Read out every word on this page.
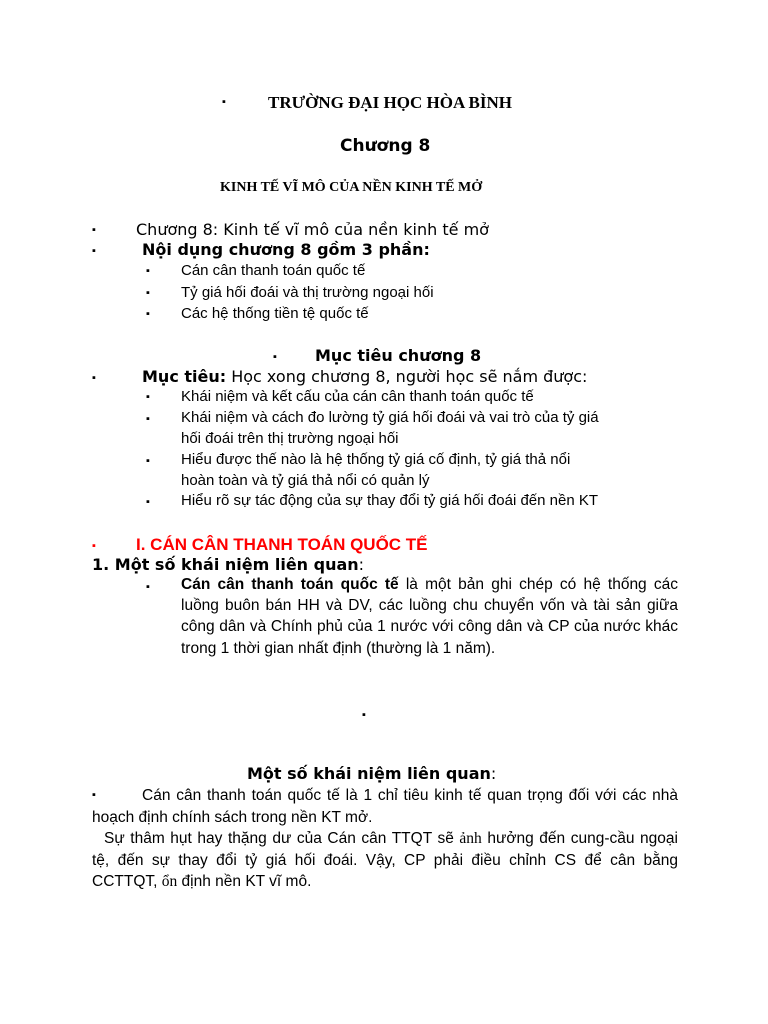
▪ TRƯỜNG ĐẠI HỌC HÒA BÌNH
Chương 8
KINH TẾ VĨ MÔ CỦA NỀN KINH TẾ MỞ
▪	Chương 8: Kinh tế vĩ mô của nền kinh tế mở
▪	Nội dụng chương 8 gồm 3 phần:
▪ Cán cân thanh toán quốc tế
▪ Tỷ giá hối đoái và thị trường ngoại hối
▪ Các hệ thống tiền tệ quốc tế
▪ Mục tiêu chương 8
▪	Mục tiêu: Học xong chương 8, người học sẽ nắm được:
▪ Khái niệm và kết cấu của cán cân thanh toán quốc tế
▪ Khái niệm và cách đo lường tỷ giá hối đoái và vai trò của tỷ giá
hối đoái trên thị trường ngoại hối
▪ Hiểu được thế nào là hệ thống tỷ giá cố định, tỷ giá thả nổi
hoàn toàn và tỷ giá thả nổi có quản lý
▪ Hiểu rõ sự tác động của sự thay đổi tỷ giá hối đoái đến nền KT
▪ I. CÁN CÂN THANH TOÁN QUỐC TẾ
1. Một số khái niệm liên quan:
▪ Cán cân thanh toán quốc tế là một bản ghi chép có hệ thống các luồng buôn bán HH và DV, các luồng chu chuyển vốn và tài sản giữa công dân và Chính phủ của 1 nước với công dân và CP của nước khác trong 1 thời gian nhất định (thường là 1 năm).
▪
Một số khái niệm liên quan:
▪	Cán cân thanh toán quốc tế là 1 chỉ tiêu kinh tế quan trọng đối với các nhà hoạch định chính sách trong nền KT mở.
Sự thâm hụt hay thặng dư của Cán cân TTQT sẽ ảnh hưởng đến cung-cầu ngoại tệ, đến sự thay đổi tỷ giá hối đoái. Vậy, CP phải điều chỉnh CS để cân bằng CCTTQT, ổn định nền KT vĩ mô.
